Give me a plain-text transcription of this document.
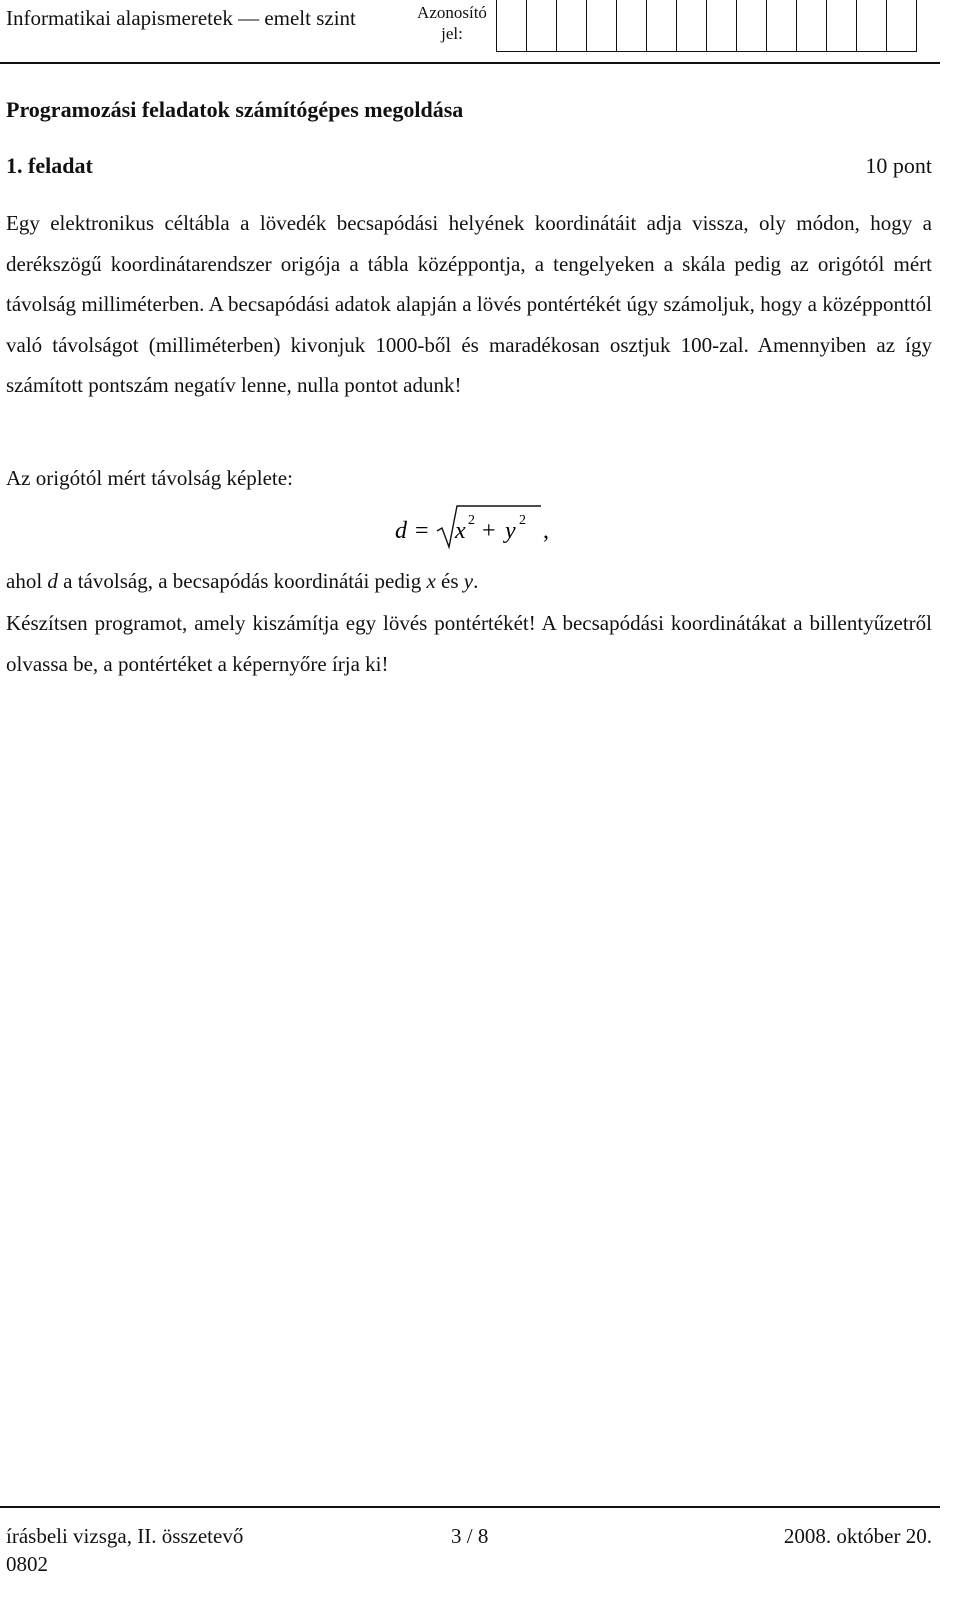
Informatikai alapismeretek — emelt szint	Azonosító
jel:
Programozási feladatok számítógépes megoldása
1. feladat	10 pont
Egy elektronikus céltábla a lövedék becsapódási helyének koordinátáit adja vissza, oly módon, hogy a derékszögű koordinátarendszer origója a tábla középpontja, a tengelyeken a skála pedig az origótól mért távolság milliméterben. A becsapódási adatok alapján a lövés pontértékét úgy számoljuk, hogy a középponttól való távolságot (milliméterben) kivonjuk 1000-ből és maradékosan osztjuk 100-zal. Amennyiben az így számított pontszám negatív lenne, nulla pontot adunk!
Az origótól mért távolság képlete:
d = x 2 + y 2 ,
ahol d a távolság, a becsapódás koordinátái pedig x és y.
Készítsen programot, amely kiszámítja egy lövés pontértékét! A becsapódási koordinátákat a billentyűzetről olvassa be, a pontértéket a képernyőre írja ki!
írásbeli vizsga, II. összetevő	3 / 8	2008. október 20.
0802
